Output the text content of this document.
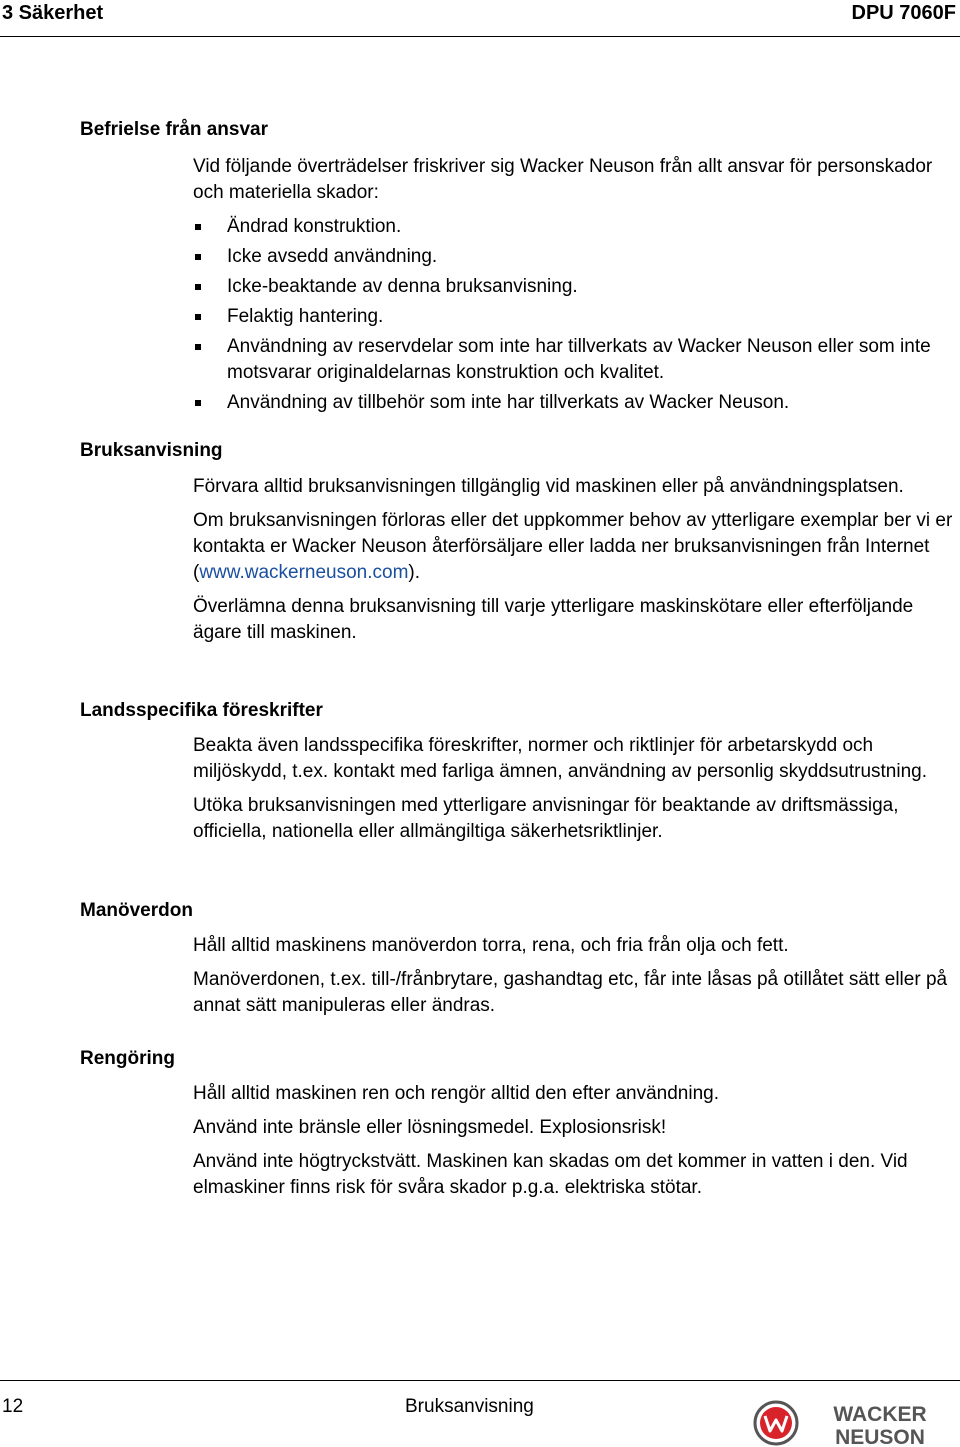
3 Säkerhet	DPU 7060F
Befrielse från ansvar

Vid följande överträdelser friskriver sig Wacker Neuson från allt ansvar för personskador och materiella skador:

Ändrad konstruktion.
Icke avsedd användning.
Icke-beaktande av denna bruksanvisning.
Felaktig hantering.
Användning av reservdelar som inte har tillverkats av Wacker Neuson eller som inte motsvarar originaldelarnas konstruktion och kvalitet.
Användning av tillbehör som inte har tillverkats av Wacker Neuson.
Bruksanvisning

Förvara alltid bruksanvisningen tillgänglig vid maskinen eller på användningsplatsen.

Om bruksanvisningen förloras eller det uppkommer behov av ytterligare exemplar ber vi er kontakta er Wacker Neuson återförsäljare eller ladda ner bruksanvisningen från Internet (www.wackerneuson.com).

Överlämna denna bruksanvisning till varje ytterligare maskinskötare eller efterföljande ägare till maskinen.

Landsspecifika föreskrifter

Beakta även landsspecifika föreskrifter, normer och riktlinjer för arbetarskydd och miljöskydd, t.ex. kontakt med farliga ämnen, användning av personlig skyddsutrustning.

Utöka bruksanvisningen med ytterligare anvisningar för beaktande av driftsmässiga, officiella, nationella eller allmängiltiga säkerhetsriktlinjer.

Manöverdon

Håll alltid maskinens manöverdon torra, rena, och fria från olja och fett.

Manöverdonen, t.ex. till-/frånbrytare, gashandtag etc, får inte låsas på otillåtet sätt eller på annat sätt manipuleras eller ändras.

Rengöring

Håll alltid maskinen ren och rengör alltid den efter användning.

Använd inte bränsle eller lösningsmedel. Explosionsrisk!

Använd inte högtryckstvätt. Maskinen kan skadas om det kommer in vatten i den. Vid elmaskiner finns risk för svåra skador p.g.a. elektriska stötar.

12	Bruksanvisning	WACKER
NEUSON
